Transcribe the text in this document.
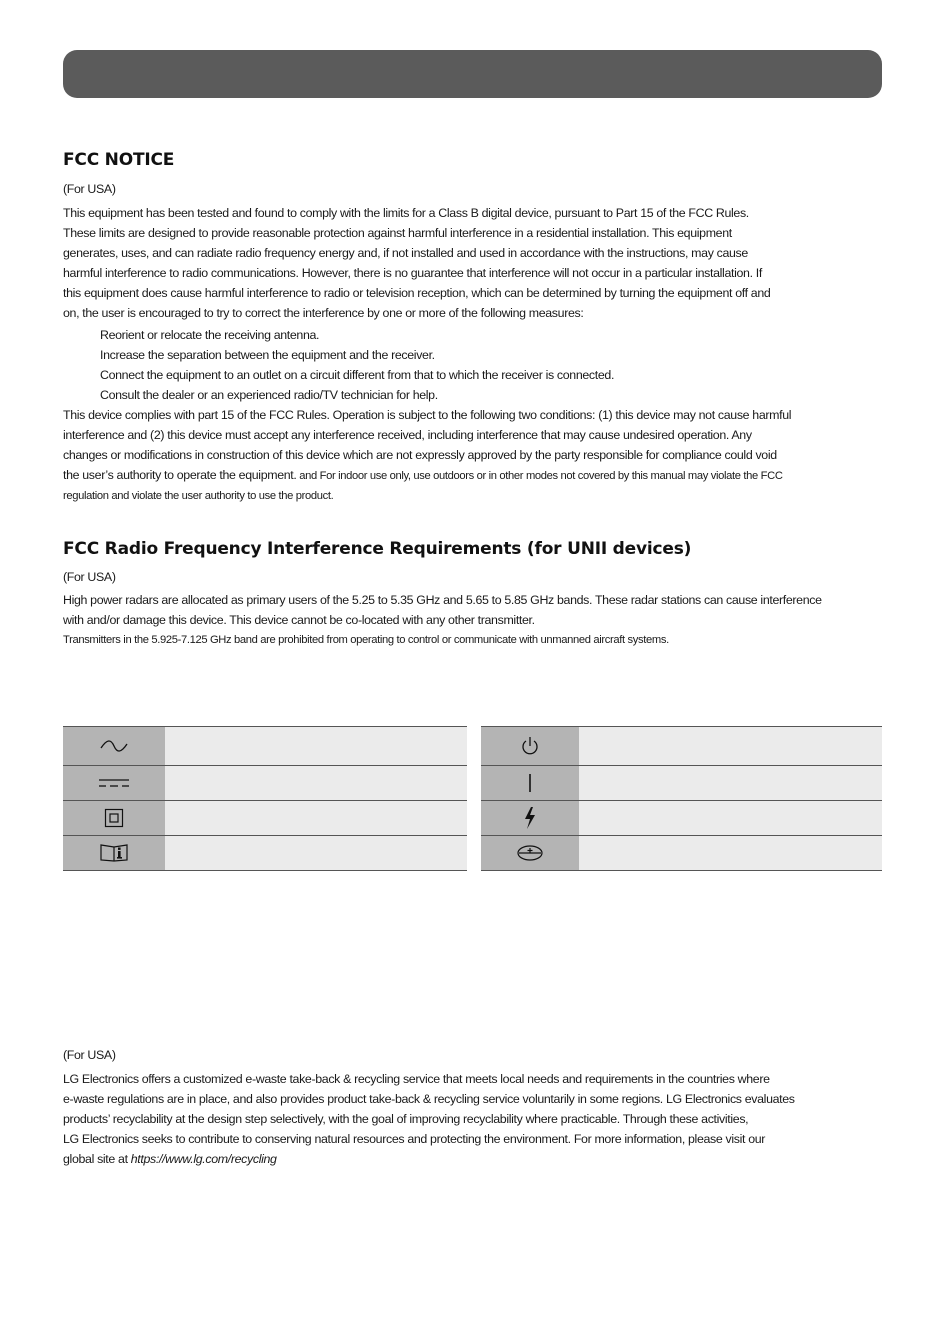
FCC NOTICE
(For USA)
This equipment has been tested and found to comply with the limits for a Class B digital device, pursuant to Part 15 of the FCC Rules.
These limits are designed to provide reasonable protection against harmful interference in a residential installation. This equipment
generates, uses, and can radiate radio frequency energy and, if not installed and used in accordance with the instructions, may cause
harmful interference to radio communications. However, there is no guarantee that interference will not occur in a particular installation. If
this equipment does cause harmful interference to radio or television reception, which can be determined by turning the equipment off and
on, the user is encouraged to try to correct the interference by one or more of the following measures:
Reorient or relocate the receiving antenna.
Increase the separation between the equipment and the receiver.
Connect the equipment to an outlet on a circuit different from that to which the receiver is connected.
Consult the dealer or an experienced radio/TV technician for help.
This device complies with part 15 of the FCC Rules. Operation is subject to the following two conditions: (1) this device may not cause harmful
interference and (2) this device must accept any interference received, including interference that may cause undesired operation. Any
changes or modifications in construction of this device which are not expressly approved by the party responsible for compliance could void
the user’s authority to operate the equipment. and For indoor use only, use outdoors or in other modes not covered by this manual may violate the FCC
regulation and violate the user authority to use the product.
FCC Radio Frequency Interference Requirements (for UNII devices)
(For USA)
High power radars are allocated as primary users of the 5.25 to 5.35 GHz and 5.65 to 5.85 GHz bands. These radar stations can cause interference
with and/or damage this device. This device cannot be co-located with any other transmitter.
Transmitters in the 5.925-7.125 GHz band are prohibited from operating to control or communicate with unmanned aircraft systems.

(For USA)
LG Electronics offers a customized e-waste take-back & recycling service that meets local needs and requirements in the countries where
e-waste regulations are in place, and also provides product take-back & recycling service voluntarily in some regions. LG Electronics evaluates
products’ recyclability at the design step selectively, with the goal of improving recyclability where practicable. Through these activities,
LG Electronics seeks to contribute to conserving natural resources and protecting the environment. For more information, please visit our
global site at https://www.lg.com/recycling
